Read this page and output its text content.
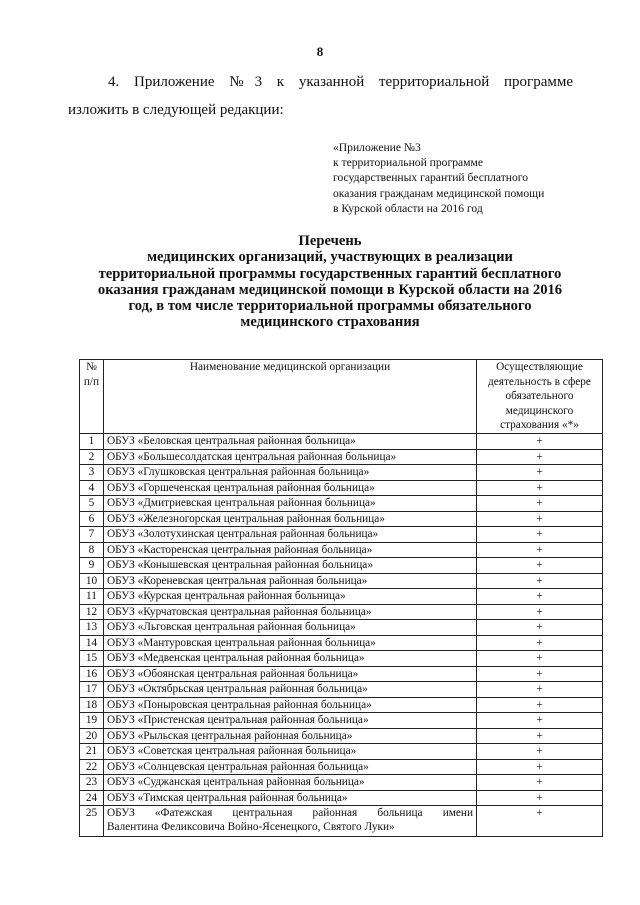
8
4. Приложение №3 к указанной территориальной программе
изложить в следующей редакции:
«Приложение №3
к территориальной программе
государственных гарантий бесплатного
оказания гражданам медицинской помощи
в Курской области на 2016 год
Перечень
медицинских организаций, участвующих в реализации
территориальной программы государственных гарантий бесплатного
оказания гражданам медицинской помощи в Курской области на 2016
год, в том числе территориальной программы обязательного
медицинского страхования
№ п/п	Наименование медицинской организации	Осуществляющие деятельность в сфере обязательного медицинского страхования «*»
1	ОБУЗ «Беловская центральная районная больница»	+
2	ОБУЗ «Большесолдатская центральная районная больница»	+
3	ОБУЗ «Глушковская центральная районная больница»	+
4	ОБУЗ «Горшеченская центральная районная больница»	+
5	ОБУЗ «Дмитриевская центральная районная больница»	+
6	ОБУЗ «Железногорская центральная районная больница»	+
7	ОБУЗ «Золотухинская центральная районная больница»	+
8	ОБУЗ «Касторенская центральная районная больница»	+
9	ОБУЗ «Конышевская центральная районная больница»	+
10	ОБУЗ «Кореневская центральная районная больница»	+
11	ОБУЗ «Курская центральная районная больница»	+
12	ОБУЗ «Курчатовская центральная районная больница»	+
13	ОБУЗ «Льговская центральная районная больница»	+
14	ОБУЗ «Мантуровская центральная районная больница»	+
15	ОБУЗ «Медвенская центральная районная больница»	+
16	ОБУЗ «Обоянская центральная районная больница»	+
17	ОБУЗ «Октябрьская центральная районная больница»	+
18	ОБУЗ «Поныровская центральная районная больница»	+
19	ОБУЗ «Пристенская центральная районная больница»	+
20	ОБУЗ «Рыльская центральная районная больница»	+
21	ОБУЗ «Советская центральная районная больница»	+
22	ОБУЗ «Солнцевская центральная районная больница»	+
23	ОБУЗ «Суджанская центральная районная больница»	+
24	ОБУЗ «Тимская центральная районная больница»	+
25	ОБУЗ «Фатежская центральная районная больница имени
Валентина Феликсовича Войно-Ясенецкого, Святого Луки»	+
